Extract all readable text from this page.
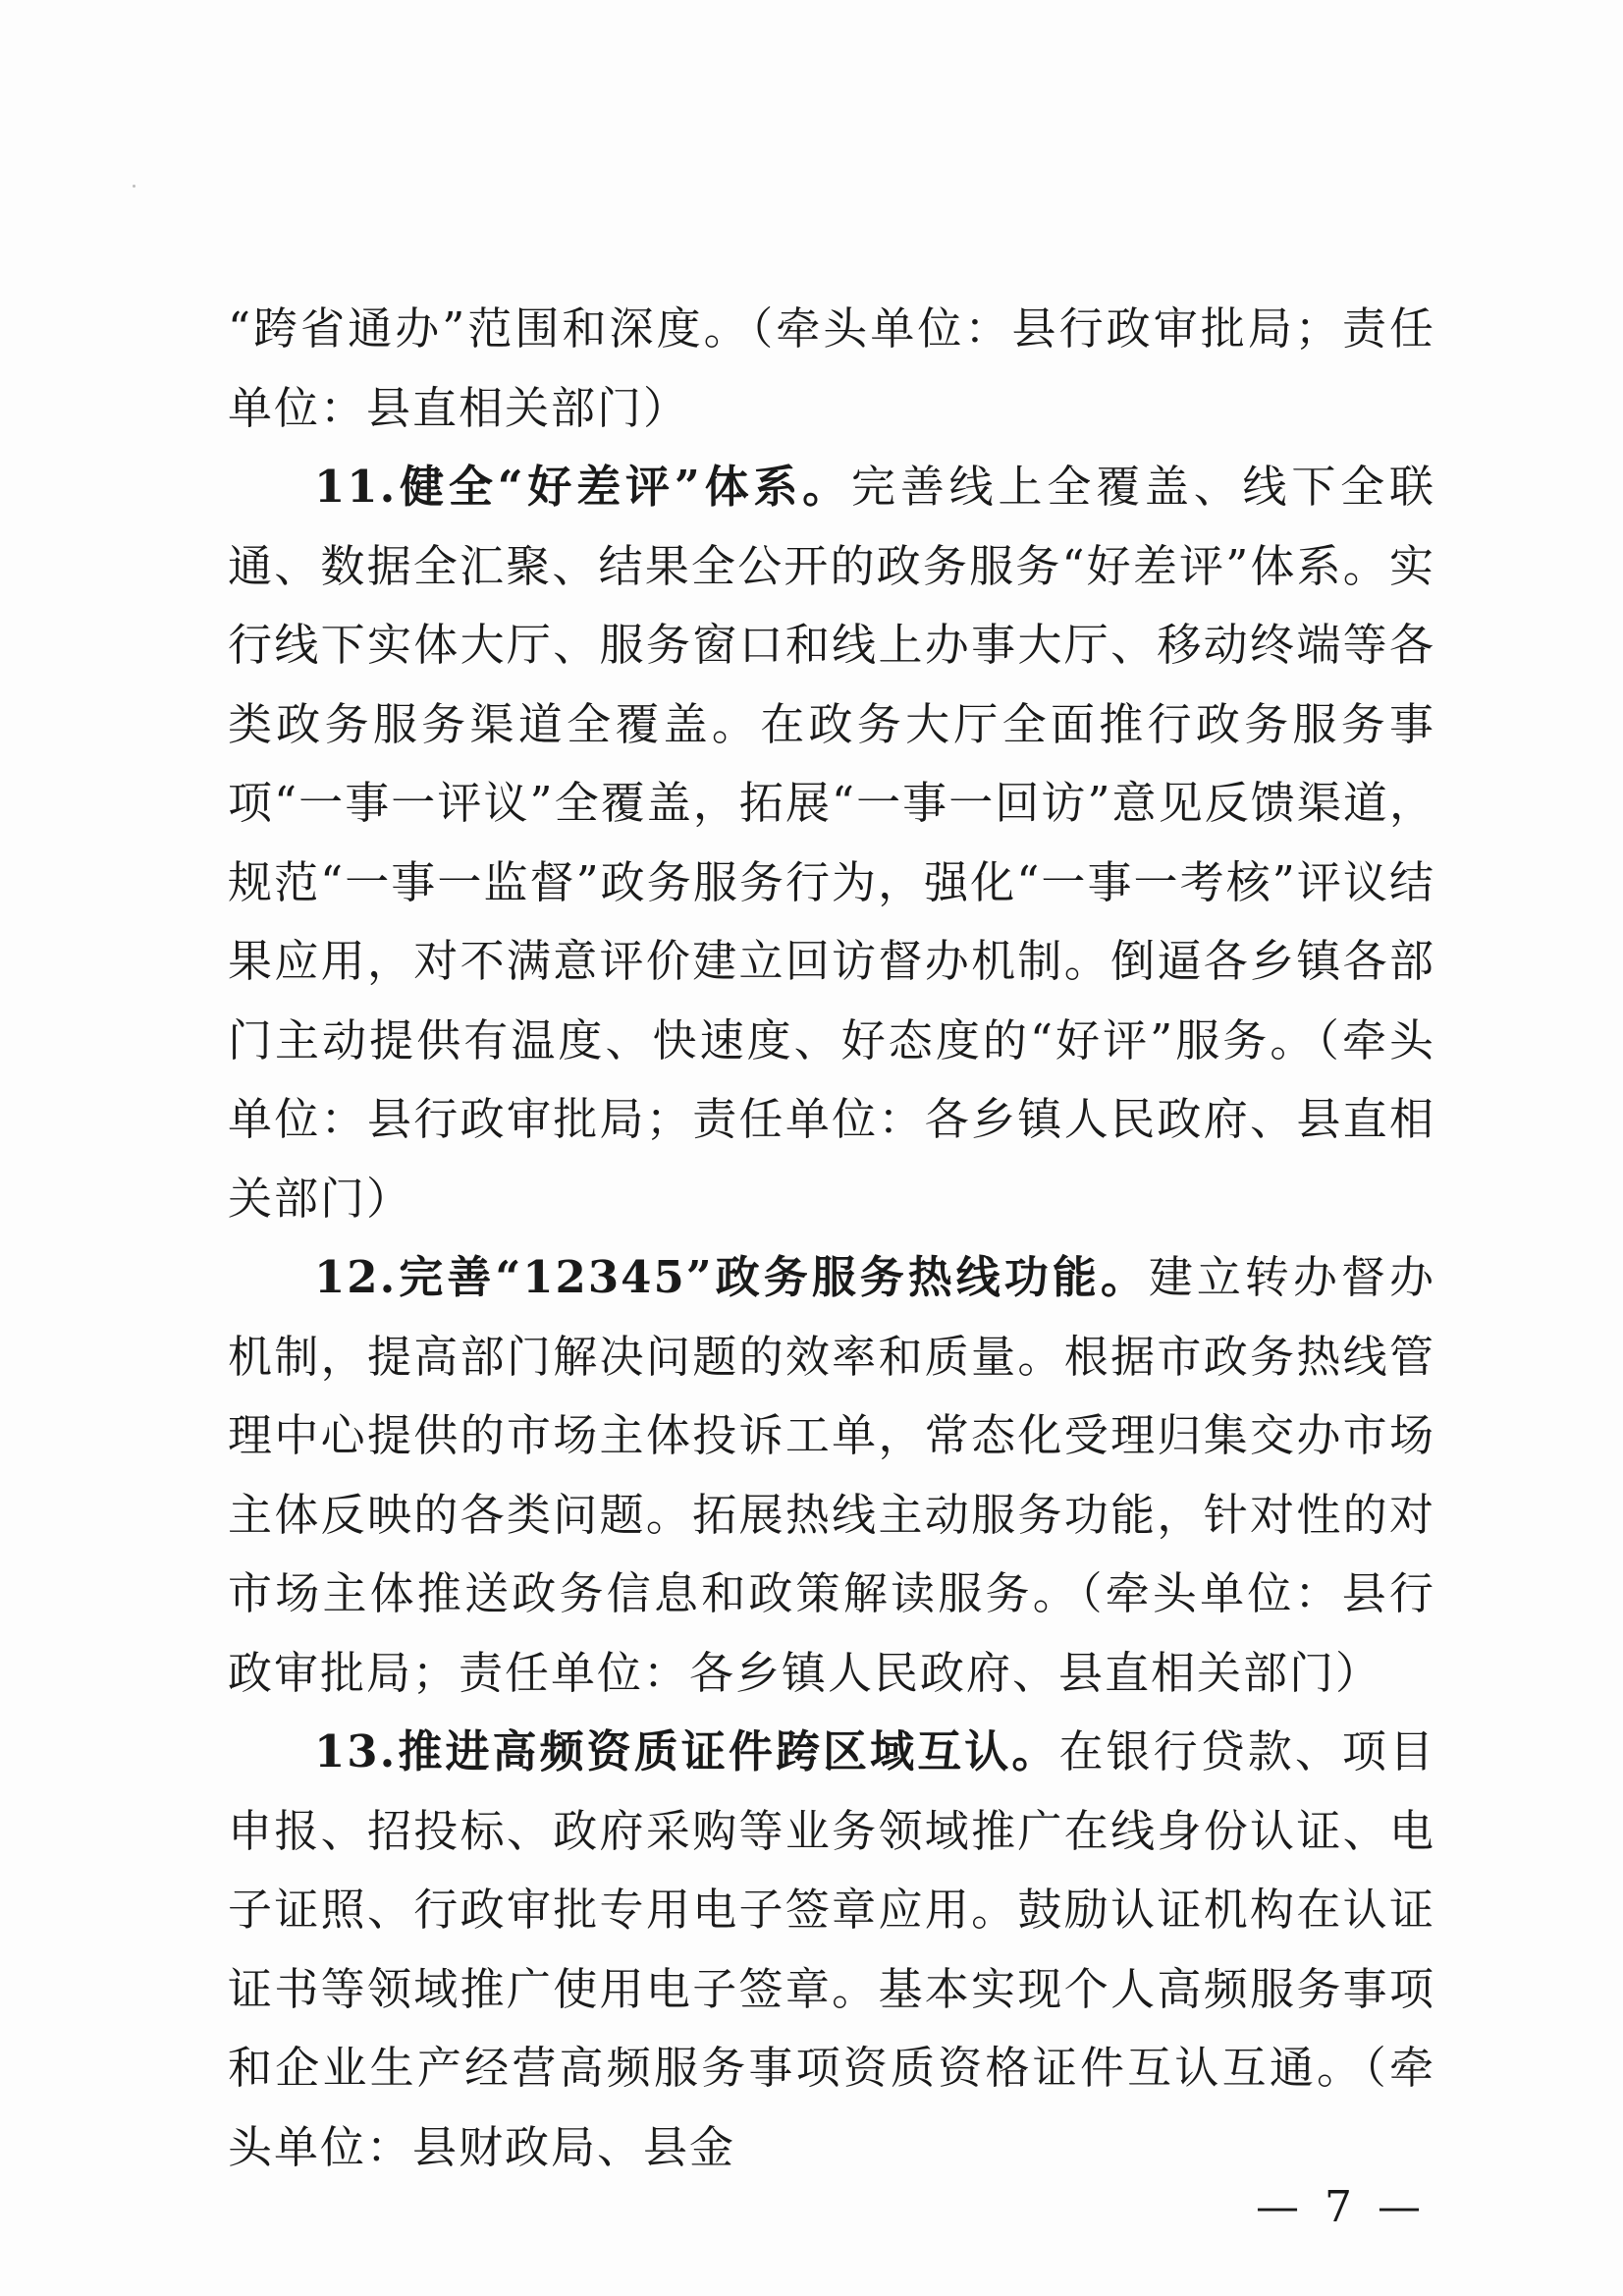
“跨省通办”范围和深度。（牵头单位：县行政审批局；责任单位：县直相关部门）

11.健全“好差评”体系。完善线上全覆盖、线下全联通、数据全汇聚、结果全公开的政务服务“好差评”体系。实行线下实体大厅、服务窗口和线上办事大厅、移动终端等各类政务服务渠道全覆盖。在政务大厅全面推行政务服务事项“一事一评议”全覆盖，拓展“一事一回访”意见反馈渠道，规范“一事一监督”政务服务行为，强化“一事一考核”评议结果应用，对不满意评价建立回访督办机制。倒逼各乡镇各部门主动提供有温度、快速度、好态度的“好评”服务。（牵头单位：县行政审批局；责任单位：各乡镇人民政府、县直相关部门）

12.完善“12345”政务服务热线功能。建立转办督办机制，提高部门解决问题的效率和质量。根据市政务热线管理中心提供的市场主体投诉工单，常态化受理归集交办市场主体反映的各类问题。拓展热线主动服务功能，针对性的对市场主体推送政务信息和政策解读服务。（牵头单位：县行政审批局；责任单位：各乡镇人民政府、县直相关部门）

13.推进高频资质证件跨区域互认。在银行贷款、项目申报、招投标、政府采购等业务领域推广在线身份认证、电子证照、行政审批专用电子签章应用。鼓励认证机构在认证证书等领域推广使用电子签章。基本实现个人高频服务事项和企业生产经营高频服务事项资质资格证件互认互通。（牵头单位：县财政局、县金

— 7 —
